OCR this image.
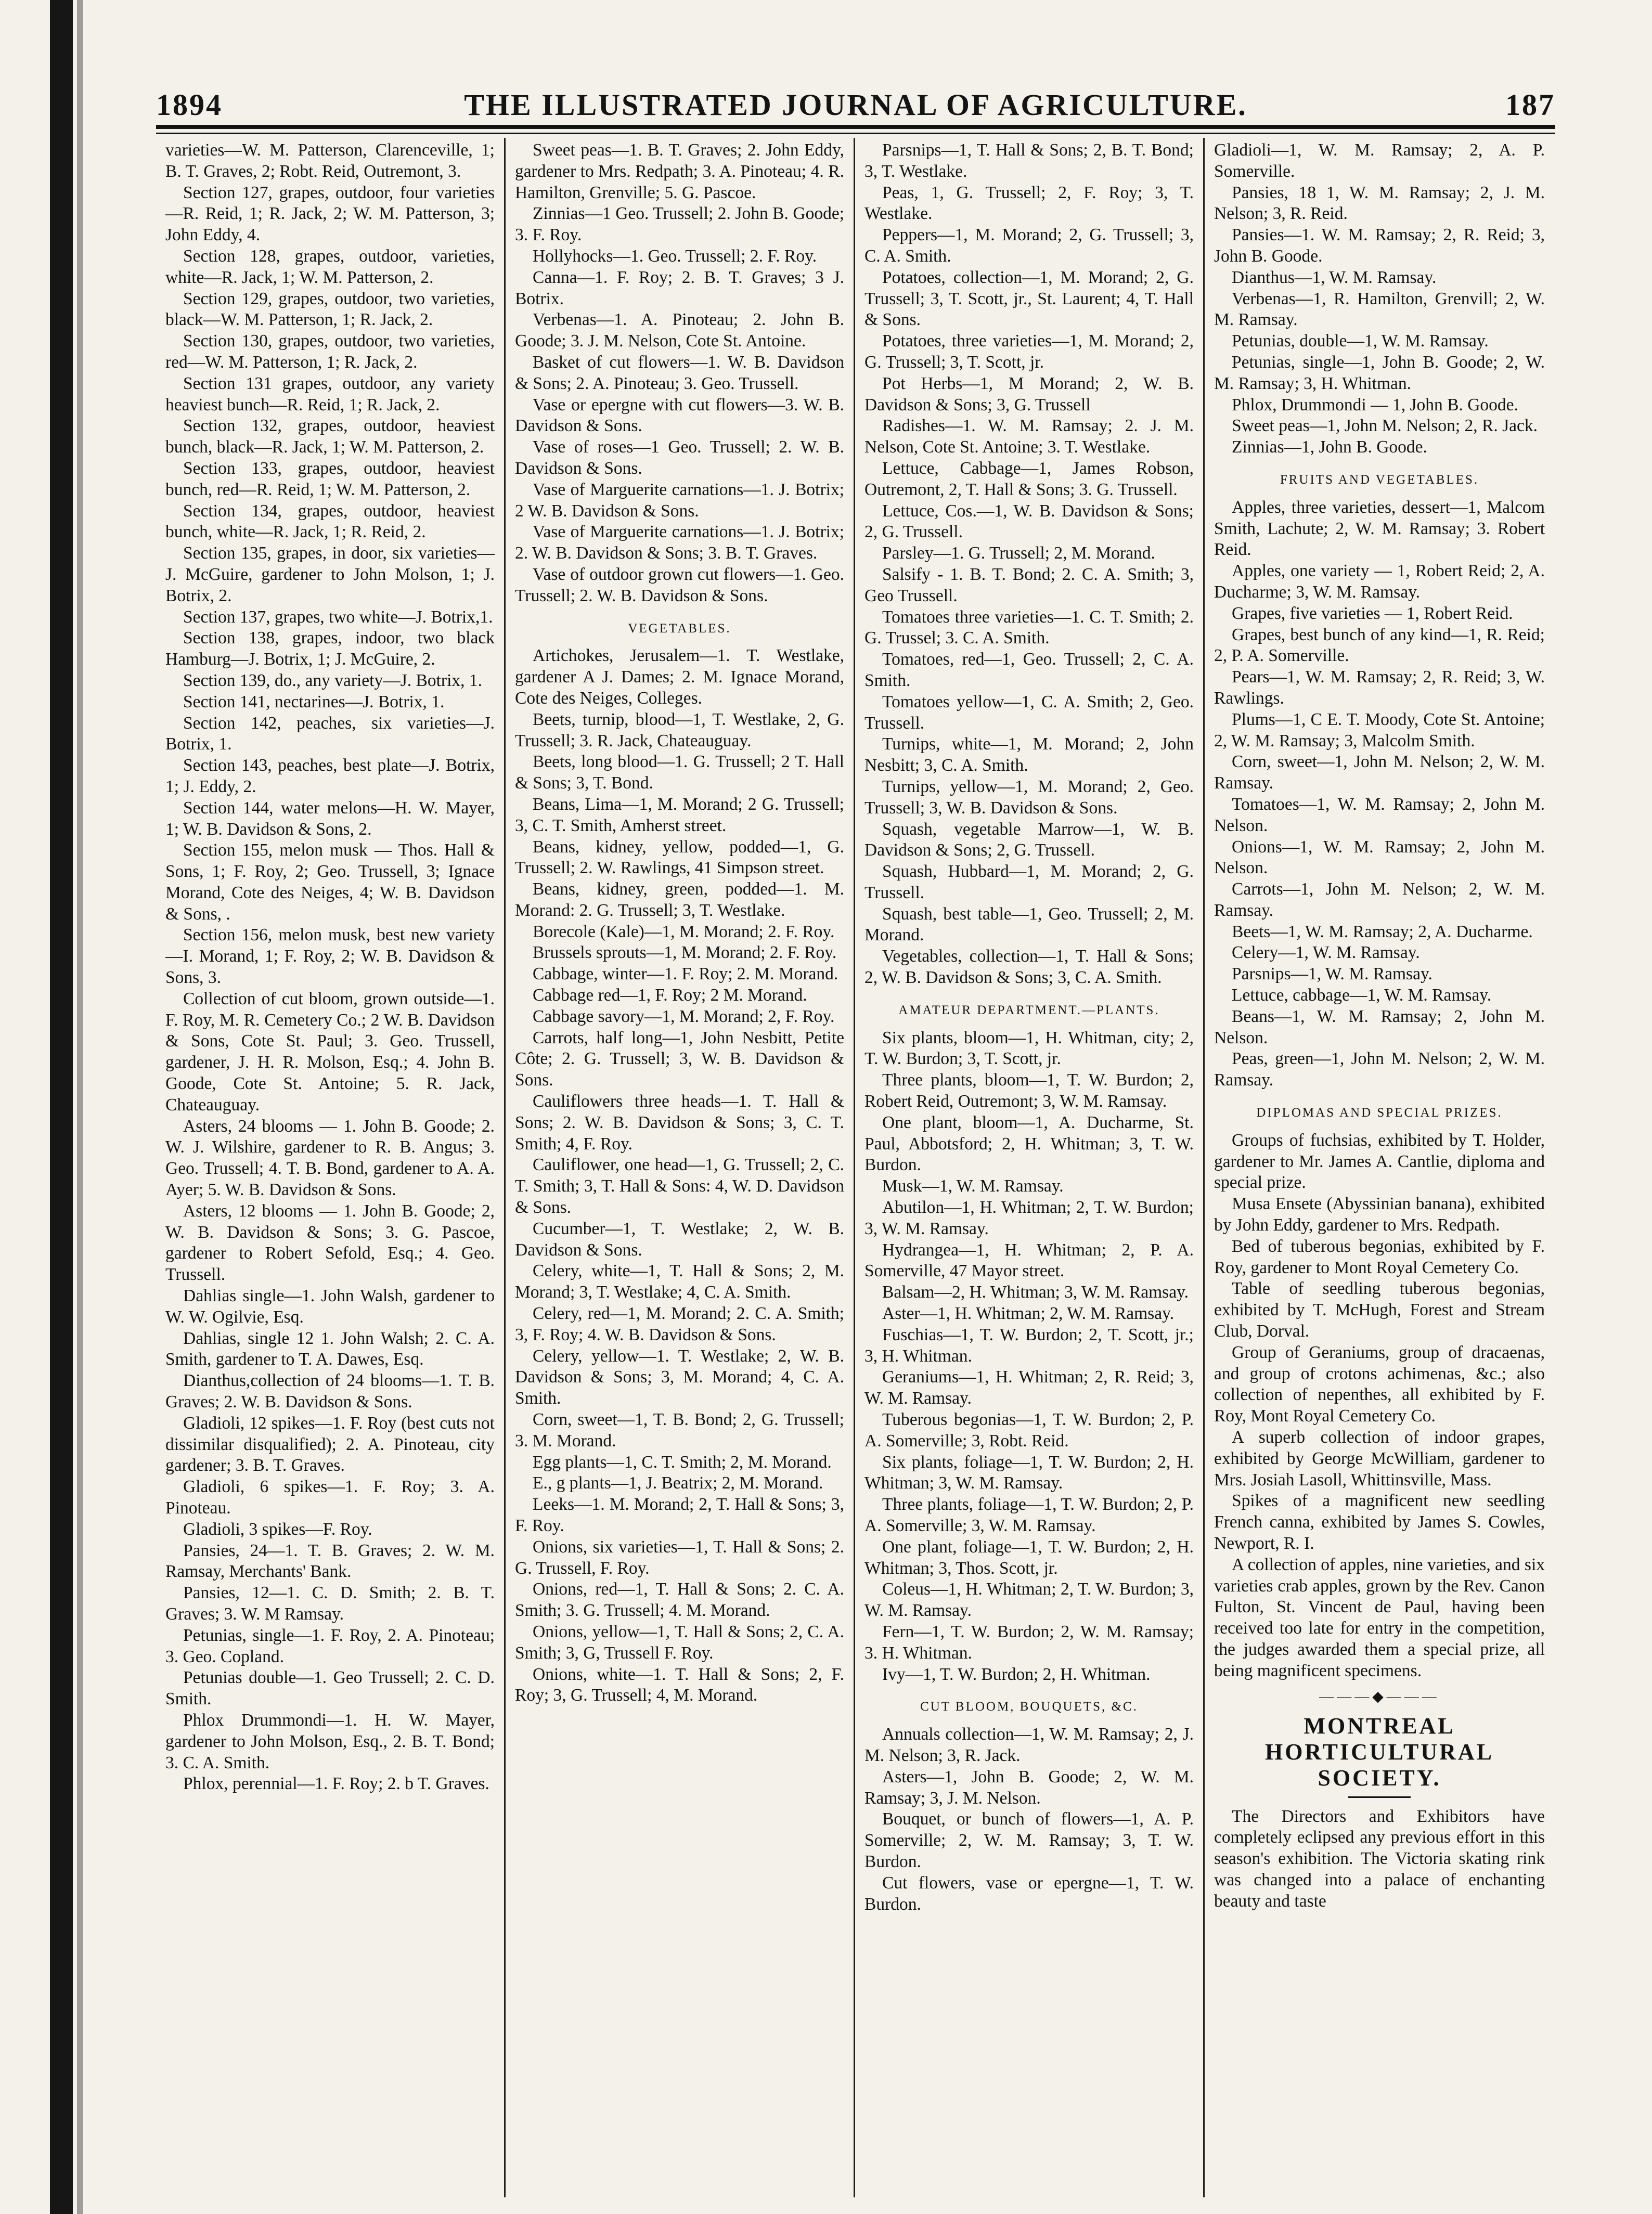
1894	THE ILLUSTRATED JOURNAL OF AGRICULTURE.	187

varieties—W. M. Patterson, Clarenceville, 1; B. T. Graves, 2; Robt. Reid, Outremont, 3.

Section 127, grapes, outdoor, four varieties—R. Reid, 1; R. Jack, 2; W. M. Patterson, 3; John Eddy, 4.

Section 128, grapes, outdoor, varieties, white—R. Jack, 1; W. M. Patterson, 2.

Section 129, grapes, outdoor, two varieties, black—W. M. Patterson, 1; R. Jack, 2.

Section 130, grapes, outdoor, two varieties, red—W. M. Patterson, 1; R. Jack, 2.

Section 131 grapes, outdoor, any variety heaviest bunch—R. Reid, 1; R. Jack, 2.

Section 132, grapes, outdoor, heaviest bunch, black—R. Jack, 1; W. M. Patterson, 2.

Section 133, grapes, outdoor, heaviest bunch, red—R. Reid, 1; W. M. Patterson, 2.

Section 134, grapes, outdoor, heaviest bunch, white—R. Jack, 1; R. Reid, 2.

Section 135, grapes, in door, six varieties—J. McGuire, gardener to John Molson, 1; J. Botrix, 2.

Section 137, grapes, two white—J. Botrix,1.

Section 138, grapes, indoor, two black Hamburg—J. Botrix, 1; J. McGuire, 2.

Section 139, do., any variety—J. Botrix, 1.

Section 141, nectarines—J. Botrix, 1.

Section 142, peaches, six varieties—J. Botrix, 1.

Section 143, peaches, best plate—J. Botrix, 1; J. Eddy, 2.

Section 144, water melons—H. W. Mayer, 1; W. B. Davidson & Sons, 2.

Section 155, melon musk — Thos. Hall & Sons, 1; F. Roy, 2; Geo. Trussell, 3; Ignace Morand, Cote des Neiges, 4; W. B. Davidson & Sons, .

Section 156, melon musk, best new variety—I. Morand, 1; F. Roy, 2; W. B. Davidson & Sons, 3.

Collection of cut bloom, grown outside—1. F. Roy, M. R. Cemetery Co.; 2 W. B. Davidson & Sons, Cote St. Paul; 3. Geo. Trussell, gardener, J. H. R. Molson, Esq.; 4. John B. Goode, Cote St. Antoine; 5. R. Jack, Chateauguay.

Asters, 24 blooms — 1. John B. Goode; 2. W. J. Wilshire, gardener to R. B. Angus; 3. Geo. Trussell; 4. T. B. Bond, gardener to A. A. Ayer; 5. W. B. Davidson & Sons.

Asters, 12 blooms — 1. John B. Goode; 2, W. B. Davidson & Sons; 3. G. Pascoe, gardener to Robert Sefold, Esq.; 4. Geo. Trussell.

Dahlias single—1. John Walsh, gardener to W. W. Ogilvie, Esq.

Dahlias, single 12 1. John Walsh; 2. C. A. Smith, gardener to T. A. Dawes, Esq.

Dianthus,collection of 24 blooms—1. T. B. Graves; 2. W. B. Davidson & Sons.

Gladioli, 12 spikes—1. F. Roy (best cuts not dissimilar disqualified); 2. A. Pinoteau, city gardener; 3. B. T. Graves.

Gladioli, 6 spikes—1. F. Roy; 3. A. Pinoteau.

Gladioli, 3 spikes—F. Roy.

Pansies, 24—1. T. B. Graves; 2. W. M. Ramsay, Merchants' Bank.

Pansies, 12—1. C. D. Smith; 2. B. T. Graves; 3. W. M Ramsay.

Petunias, single—1. F. Roy, 2. A. Pinoteau; 3. Geo. Copland.

Petunias double—1. Geo Trussell; 2. C. D. Smith.

Phlox Drummondi—1. H. W. Mayer, gardener to John Molson, Esq., 2. B. T. Bond; 3. C. A. Smith.

Phlox, perennial—1. F. Roy; 2. b T. Graves.

Sweet peas—1. B. T. Graves; 2. John Eddy, gardener to Mrs. Redpath; 3. A. Pinoteau; 4. R. Hamilton, Grenville; 5. G. Pascoe.

Zinnias—1 Geo. Trussell; 2. John B. Goode; 3. F. Roy.

Hollyhocks—1. Geo. Trussell; 2. F. Roy.

Canna—1. F. Roy; 2. B. T. Graves; 3 J. Botrix.

Verbenas—1. A. Pinoteau; 2. John B. Goode; 3. J. M. Nelson, Cote St. Antoine.

Basket of cut flowers—1. W. B. Davidson & Sons; 2. A. Pinoteau; 3. Geo. Trussell.

Vase or epergne with cut flowers—3. W. B. Davidson & Sons.

Vase of roses—1 Geo. Trussell; 2. W. B. Davidson & Sons.

Vase of Marguerite carnations—1. J. Botrix; 2 W. B. Davidson & Sons.

Vase of Marguerite carnations—1. J. Botrix; 2. W. B. Davidson & Sons; 3. B. T. Graves.

Vase of outdoor grown cut flowers—1. Geo. Trussell; 2. W. B. Davidson & Sons.

VEGETABLES.

Artichokes, Jerusalem—1. T. Westlake, gardener A J. Dames; 2. M. Ignace Morand, Cote des Neiges, Colleges.

Beets, turnip, blood—1, T. Westlake, 2, G. Trussell; 3. R. Jack, Chateauguay.

Beets, long blood—1. G. Trussell; 2 T. Hall & Sons; 3, T. Bond.

Beans, Lima—1, M. Morand; 2 G. Trussell; 3, C. T. Smith, Amherst street.

Beans, kidney, yellow, podded—1, G. Trussell; 2. W. Rawlings, 41 Simpson street.

Beans, kidney, green, podded—1. M. Morand: 2. G. Trussell; 3, T. Westlake.

Borecole (Kale)—1, M. Morand; 2. F. Roy.

Brussels sprouts—1, M. Morand; 2. F. Roy.

Cabbage, winter—1. F. Roy; 2. M. Morand.

Cabbage red—1, F. Roy; 2 M. Morand.

Cabbage savory—1, M. Morand; 2, F. Roy.

Carrots, half long—1, John Nesbitt, Petite Côte; 2. G. Trussell; 3, W. B. Davidson & Sons.

Cauliflowers three heads—1. T. Hall & Sons; 2. W. B. Davidson & Sons; 3, C. T. Smith; 4, F. Roy.

Cauliflower, one head—1, G. Trussell; 2, C. T. Smith; 3, T. Hall & Sons: 4, W. D. Davidson & Sons.

Cucumber—1, T. Westlake; 2, W. B. Davidson & Sons.

Celery, white—1, T. Hall & Sons; 2, M. Morand; 3, T. Westlake; 4, C. A. Smith.

Celery, red—1, M. Morand; 2. C. A. Smith; 3, F. Roy; 4. W. B. Davidson & Sons.

Celery, yellow—1. T. Westlake; 2, W. B. Davidson & Sons; 3, M. Morand; 4, C. A. Smith.

Corn, sweet—1, T. B. Bond; 2, G. Trussell; 3. M. Morand.

Egg plants—1, C. T. Smith; 2, M. Morand.

E., g plants—1, J. Beatrix; 2, M. Morand.

Leeks—1. M. Morand; 2, T. Hall & Sons; 3, F. Roy.

Onions, six varieties—1, T. Hall & Sons; 2. G. Trussell, F. Roy.

Onions, red—1, T. Hall & Sons; 2. C. A. Smith; 3. G. Trussell; 4. M. Morand.

Onions, yellow—1, T. Hall & Sons; 2, C. A. Smith; 3, G, Trussell F. Roy.

Onions, white—1. T. Hall & Sons; 2, F. Roy; 3, G. Trussell; 4, M. Morand.

Parsnips—1, T. Hall & Sons; 2, B. T. Bond; 3, T. Westlake.

Peas, 1, G. Trussell; 2, F. Roy; 3, T. Westlake.

Peppers—1, M. Morand; 2, G. Trussell; 3, C. A. Smith.

Potatoes, collection—1, M. Morand; 2, G. Trussell; 3, T. Scott, jr., St. Laurent; 4, T. Hall & Sons.

Potatoes, three varieties—1, M. Morand; 2, G. Trussell; 3, T. Scott, jr.

Pot Herbs—1, M Morand; 2, W. B. Davidson & Sons; 3, G. Trussell

Radishes—1. W. M. Ramsay; 2. J. M. Nelson, Cote St. Antoine; 3. T. Westlake.

Lettuce, Cabbage—1, James Robson, Outremont, 2, T. Hall & Sons; 3. G. Trussell.

Lettuce, Cos.—1, W. B. Davidson & Sons; 2, G. Trussell.

Parsley—1. G. Trussell; 2, M. Morand.

Salsify - 1. B. T. Bond; 2. C. A. Smith; 3, Geo Trussell.

Tomatoes three varieties—1. C. T. Smith; 2. G. Trussel; 3. C. A. Smith.

Tomatoes, red—1, Geo. Trussell; 2, C. A. Smith.

Tomatoes yellow—1, C. A. Smith; 2, Geo. Trussell.

Turnips, white—1, M. Morand; 2, John Nesbitt; 3, C. A. Smith.

Turnips, yellow—1, M. Morand; 2, Geo. Trussell; 3, W. B. Davidson & Sons.

Squash, vegetable Marrow—1, W. B. Davidson & Sons; 2, G. Trussell.

Squash, Hubbard—1, M. Morand; 2, G. Trussell.

Squash, best table—1, Geo. Trussell; 2, M. Morand.

Vegetables, collection—1, T. Hall & Sons; 2, W. B. Davidson & Sons; 3, C. A. Smith.

AMATEUR DEPARTMENT.—PLANTS.

Six plants, bloom—1, H. Whitman, city; 2, T. W. Burdon; 3, T. Scott, jr.

Three plants, bloom—1, T. W. Burdon; 2, Robert Reid, Outremont; 3, W. M. Ramsay.

One plant, bloom—1, A. Ducharme, St. Paul, Abbotsford; 2, H. Whitman; 3, T. W. Burdon.

Musk—1, W. M. Ramsay.

Abutilon—1, H. Whitman; 2, T. W. Burdon; 3, W. M. Ramsay.

Hydrangea—1, H. Whitman; 2, P. A. Somerville, 47 Mayor street.

Balsam—2, H. Whitman; 3, W. M. Ramsay.

Aster—1, H. Whitman; 2, W. M. Ramsay.

Fuschias—1, T. W. Burdon; 2, T. Scott, jr.; 3, H. Whitman.

Geraniums—1, H. Whitman; 2, R. Reid; 3, W. M. Ramsay.

Tuberous begonias—1, T. W. Burdon; 2, P. A. Somerville; 3, Robt. Reid.

Six plants, foliage—1, T. W. Burdon; 2, H. Whitman; 3, W. M. Ramsay.

Three plants, foliage—1, T. W. Burdon; 2, P. A. Somerville; 3, W. M. Ramsay.

One plant, foliage—1, T. W. Burdon; 2, H. Whitman; 3, Thos. Scott, jr.

Coleus—1, H. Whitman; 2, T. W. Burdon; 3, W. M. Ramsay.

Fern—1, T. W. Burdon; 2, W. M. Ramsay; 3. H. Whitman.

Ivy—1, T. W. Burdon; 2, H. Whitman.

CUT BLOOM, BOUQUETS, &C.

Annuals collection—1, W. M. Ramsay; 2, J. M. Nelson; 3, R. Jack.

Asters—1, John B. Goode; 2, W. M. Ramsay; 3, J. M. Nelson.

Bouquet, or bunch of flowers—1, A. P. Somerville; 2, W. M. Ramsay; 3, T. W. Burdon.

Cut flowers, vase or epergne—1, T. W. Burdon.

Gladioli—1, W. M. Ramsay; 2, A. P. Somerville.

Pansies, 18 1, W. M. Ramsay; 2, J. M. Nelson; 3, R. Reid.

Pansies—1. W. M. Ramsay; 2, R. Reid; 3, John B. Goode.

Dianthus—1, W. M. Ramsay.

Verbenas—1, R. Hamilton, Grenvill; 2, W. M. Ramsay.

Petunias, double—1, W. M. Ramsay.

Petunias, single—1, John B. Goode; 2, W. M. Ramsay; 3, H. Whitman.

Phlox, Drummondi — 1, John B. Goode.

Sweet peas—1, John M. Nelson; 2, R. Jack.

Zinnias—1, John B. Goode.

FRUITS AND VEGETABLES.

Apples, three varieties, dessert—1, Malcom Smith, Lachute; 2, W. M. Ramsay; 3. Robert Reid.

Apples, one variety — 1, Robert Reid; 2, A. Ducharme; 3, W. M. Ramsay.

Grapes, five varieties — 1, Robert Reid.

Grapes, best bunch of any kind—1, R. Reid; 2, P. A. Somerville.

Pears—1, W. M. Ramsay; 2, R. Reid; 3, W. Rawlings.

Plums—1, C E. T. Moody, Cote St. Antoine; 2, W. M. Ramsay; 3, Malcolm Smith.

Corn, sweet—1, John M. Nelson; 2, W. M. Ramsay.

Tomatoes—1, W. M. Ramsay; 2, John M. Nelson.

Onions—1, W. M. Ramsay; 2, John M. Nelson.

Carrots—1, John M. Nelson; 2, W. M. Ramsay.

Beets—1, W. M. Ramsay; 2, A. Ducharme.

Celery—1, W. M. Ramsay.

Parsnips—1, W. M. Ramsay.

Lettuce, cabbage—1, W. M. Ramsay.

Beans—1, W. M. Ramsay; 2, John M. Nelson.

Peas, green—1, John M. Nelson; 2, W. M. Ramsay.

DIPLOMAS AND SPECIAL PRIZES.

Groups of fuchsias, exhibited by T. Holder, gardener to Mr. James A. Cantlie, diploma and special prize.

Musa Ensete (Abyssinian banana), exhibited by John Eddy, gardener to Mrs. Redpath.

Bed of tuberous begonias, exhibited by F. Roy, gardener to Mont Royal Cemetery Co.

Table of seedling tuberous begonias, exhibited by T. McHugh, Forest and Stream Club, Dorval.

Group of Geraniums, group of dracaenas, and group of crotons achimenas, &c.; also collection of nepenthes, all exhibited by F. Roy, Mont Royal Cemetery Co.

A superb collection of indoor grapes, exhibited by George McWilliam, gardener to Mrs. Josiah Lasoll, Whittinsville, Mass.

Spikes of a magnificent new seedling French canna, exhibited by James S. Cowles, Newport, R. I.

A collection of apples, nine varieties, and six varieties crab apples, grown by the Rev. Canon Fulton, St. Vincent de Paul, having been received too late for entry in the competition, the judges awarded them a special prize, all being magnificent specimens.

———◆———
MONTREAL HORTICULTURAL SOCIETY.

The Directors and Exhibitors have completely eclipsed any previous effort in this season's exhibition. The Victoria skating rink was changed into a palace of enchanting beauty and taste
